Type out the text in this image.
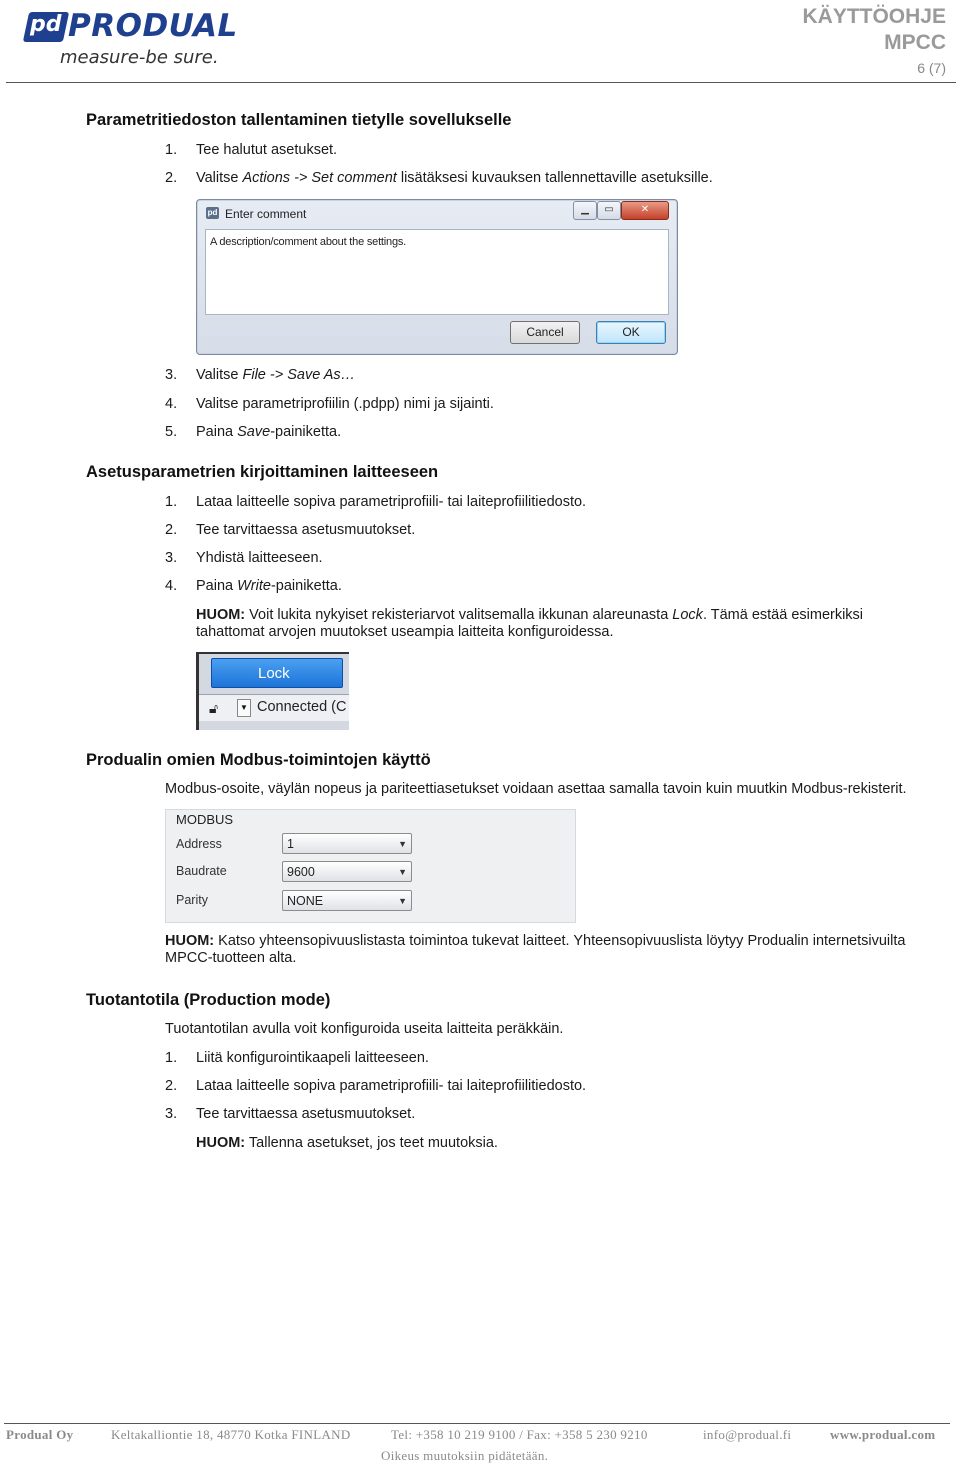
pd PRODUAL
measure-be sure.
KÄYTTÖOHJE
MPCC
6 (7)
Parametritiedoston tallentaminen tietylle sovellukselle
1. Tee halutut asetukset.
2. Valitse Actions -> Set comment lisätäksesi kuvauksen tallennettaville asetuksille.
pd Enter comment	▁	▭	✕
A description/comment about the settings.
Cancel	OK
3. Valitse File -> Save As…
4. Valitse parametriprofiilin (.pdpp) nimi ja sijainti.
5. Paina Save-painiketta.
Asetusparametrien kirjoittaminen laitteeseen
1. Lataa laitteelle sopiva parametriprofiili- tai laiteprofiilitiedosto.
2. Tee tarvittaessa asetusmuutokset.
3. Yhdistä laitteeseen.
4. Paina Write-painiketta.
HUOM: Voit lukita nykyiset rekisteriarvot valitsemalla ikkunan alareunasta Lock. Tämä estää esimerkiksi tahattomat arvojen muutokset useampia laitteita konfiguroidessa.
Lock
🔓︎	▼ Connected (C
Produalin omien Modbus-toimintojen käyttö
Modbus-osoite, väylän nopeus ja pariteettiasetukset voidaan asettaa samalla tavoin kuin muutkin Modbus-rekisterit.
MODBUS
Address	1	▼
Baudrate	9600	▼
Parity	NONE	▼
HUOM: Katso yhteensopivuuslistasta toimintoa tukevat laitteet. Yhteensopivuuslista löytyy Produalin internetsivuilta MPCC-tuotteen alta.
Tuotantotila (Production mode)
Tuotantotilan avulla voit konfiguroida useita laitteita peräkkäin.
1. Liitä konfigurointikaapeli laitteeseen.
2. Lataa laitteelle sopiva parametriprofiili- tai laiteprofiilitiedosto.
3. Tee tarvittaessa asetusmuutokset.
HUOM: Tallenna asetukset, jos teet muutoksia.
Produal Oy	Keltakalliontie 18, 48770 Kotka FINLAND	Tel: +358 10 219 9100 / Fax: +358 5 230 9210	info@produal.fi	www.produal.com
Oikeus muutoksiin pidätetään.
